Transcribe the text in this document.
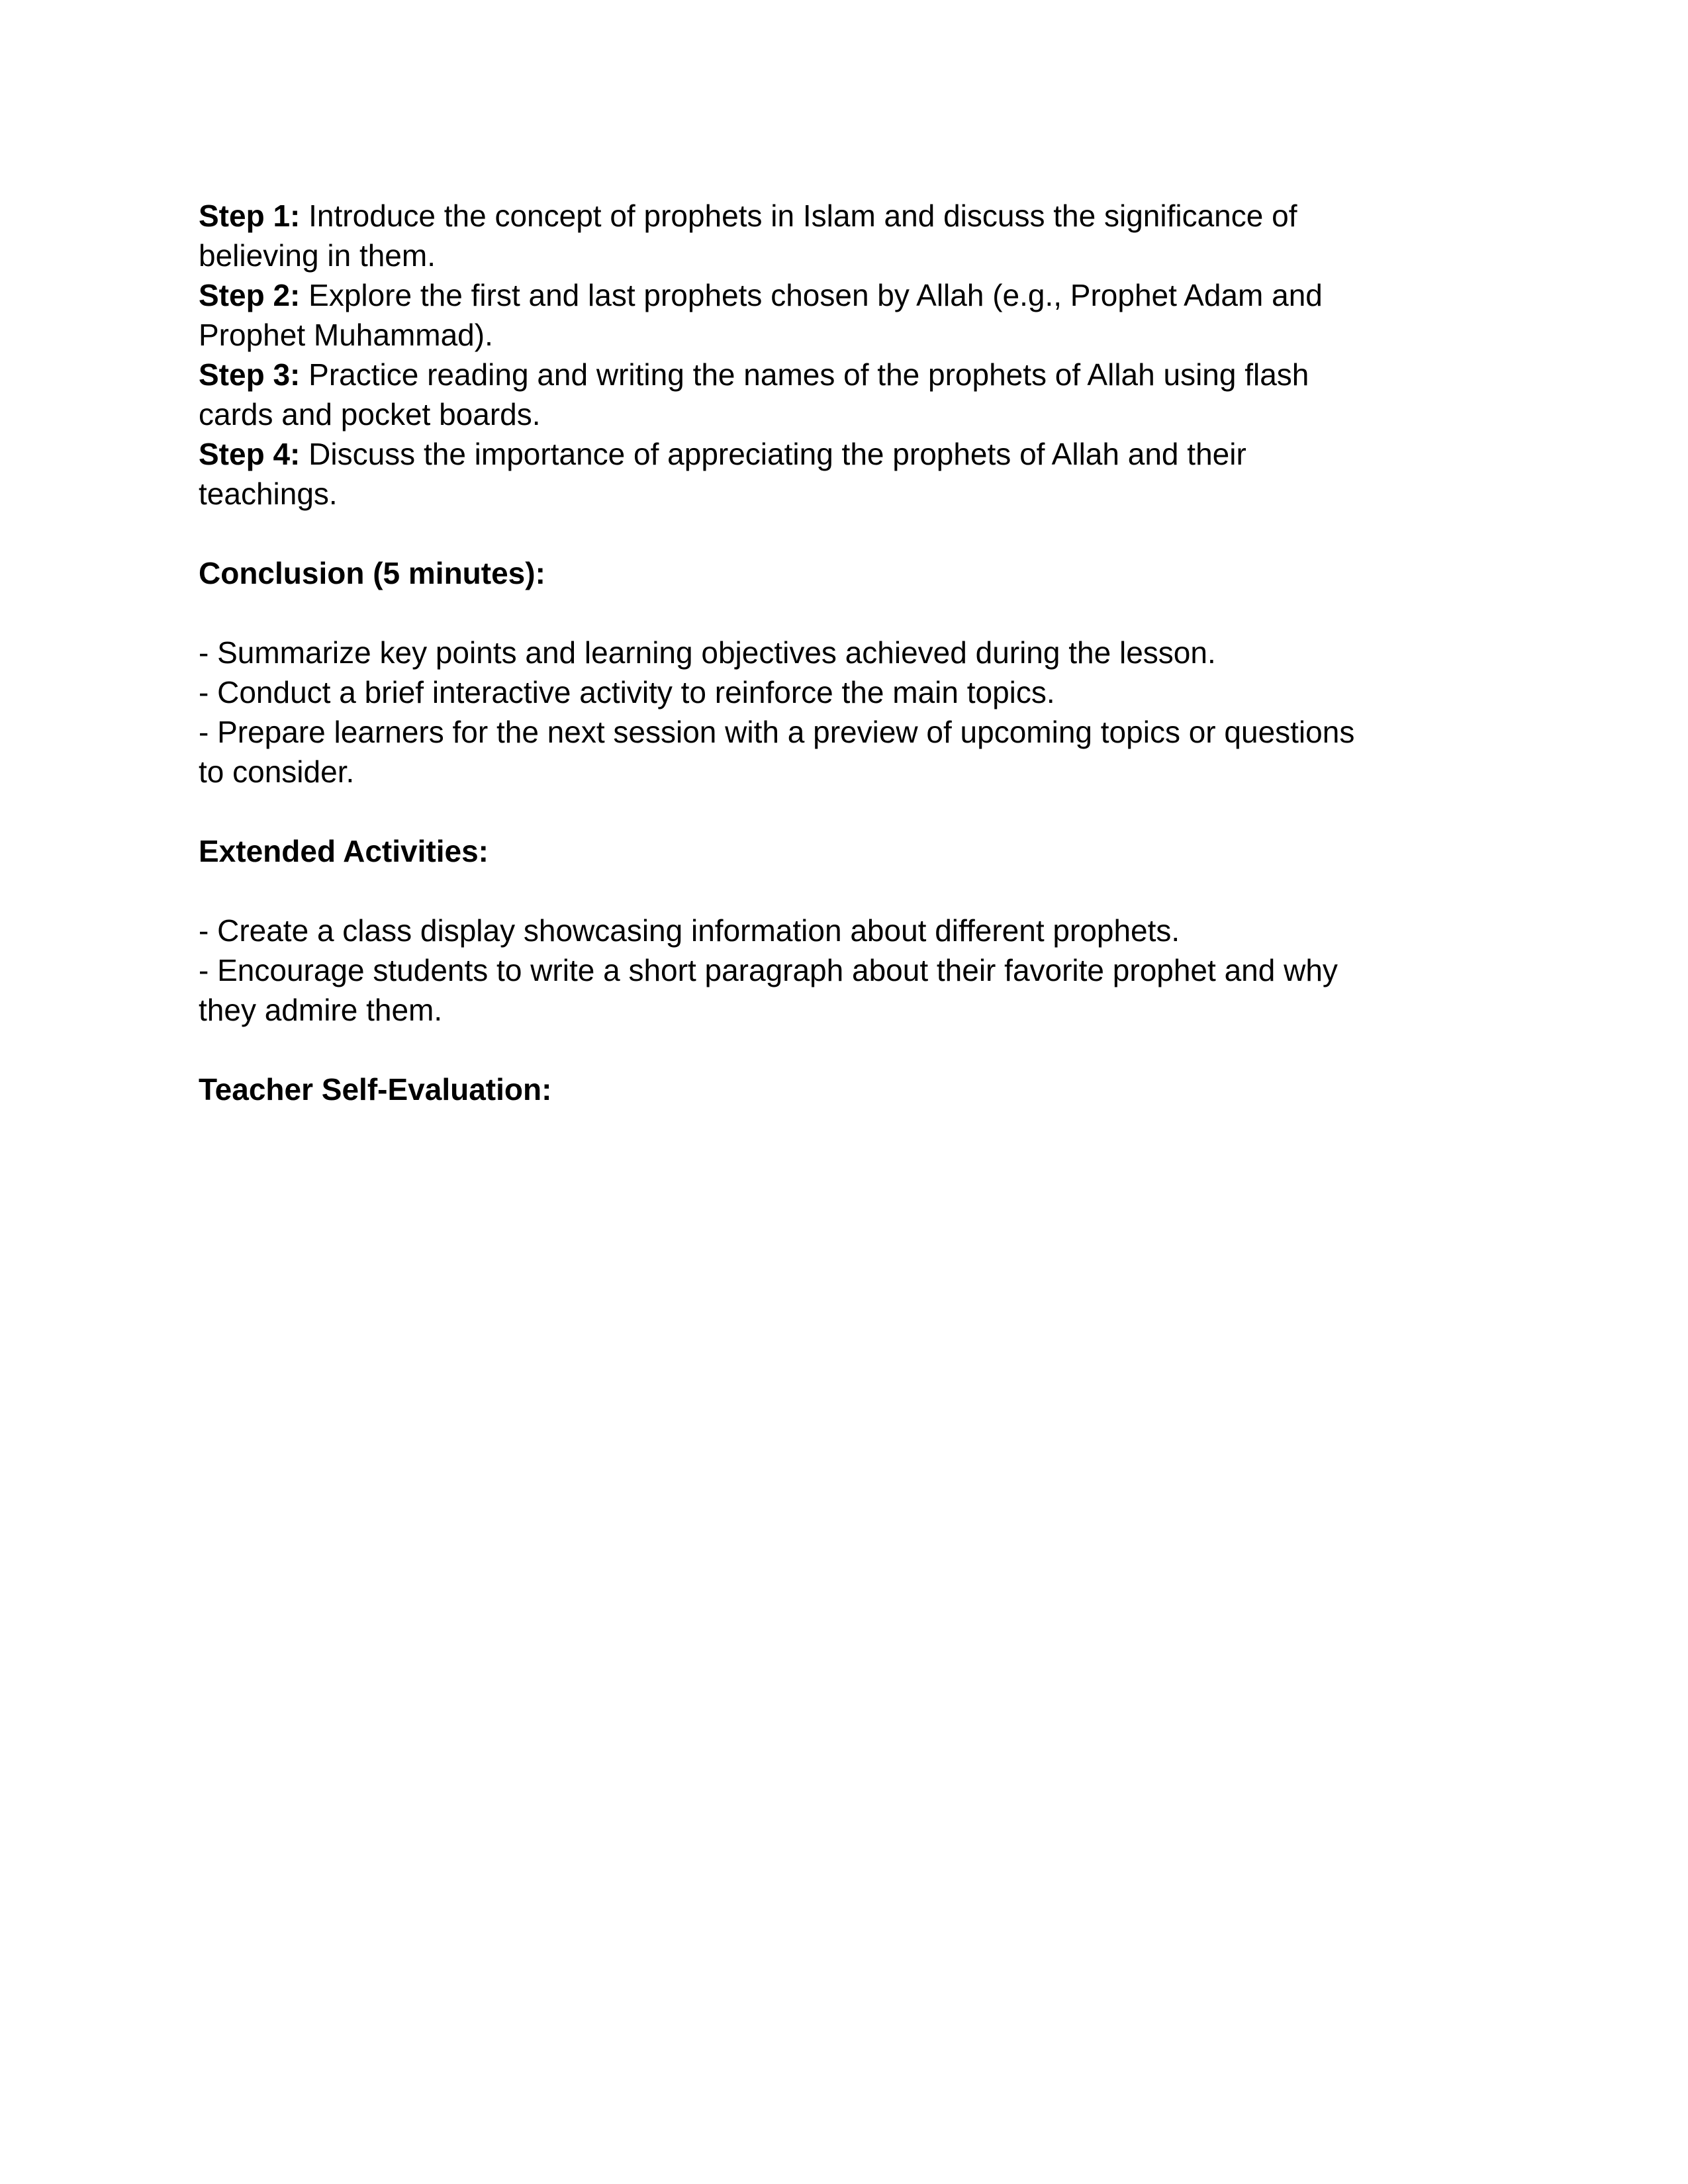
Step 1: Introduce the concept of prophets in Islam and discuss the significance of
believing in them.
Step 2: Explore the first and last prophets chosen by Allah (e.g., Prophet Adam and
Prophet Muhammad).
Step 3: Practice reading and writing the names of the prophets of Allah using flash
cards and pocket boards.
Step 4: Discuss the importance of appreciating the prophets of Allah and their
teachings.
Conclusion (5 minutes):
- Summarize key points and learning objectives achieved during the lesson.
- Conduct a brief interactive activity to reinforce the main topics.
- Prepare learners for the next session with a preview of upcoming topics or questions
to consider.
Extended Activities:
- Create a class display showcasing information about different prophets.
- Encourage students to write a short paragraph about their favorite prophet and why
they admire them.
Teacher Self-Evaluation:
